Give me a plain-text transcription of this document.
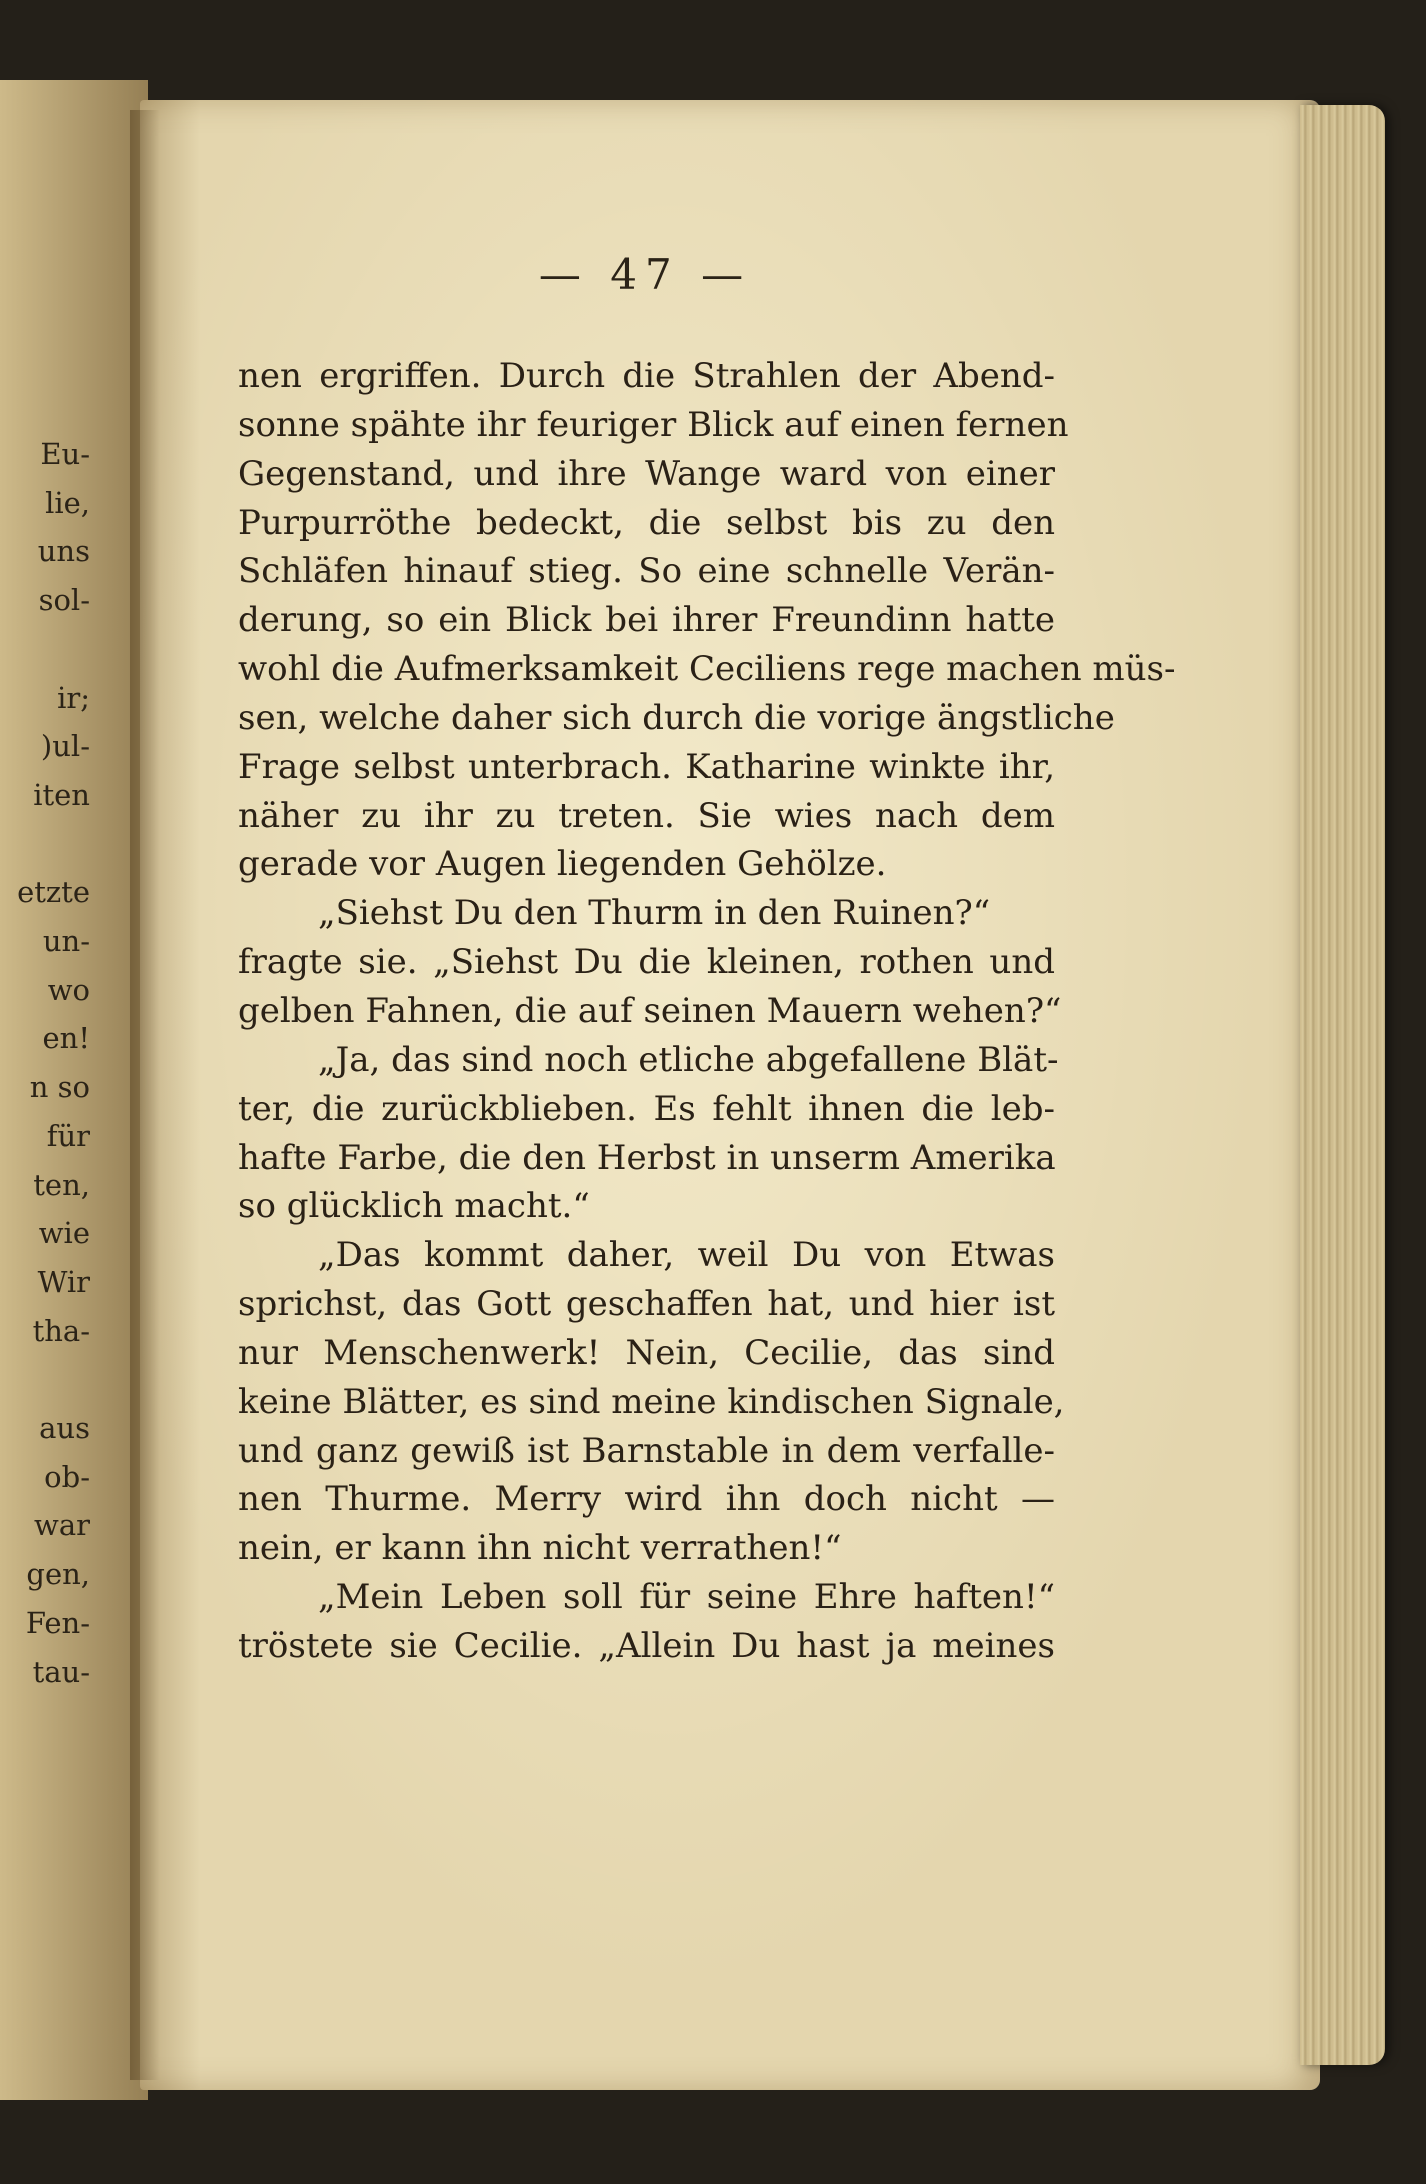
Eu-
lie,
uns
sol-

ir;
)ul-
iten

etzte
un-
wo
en!
n so
für
ten,
wie
Wir
tha-

aus
ob-
war
gen,
Fen-
tau-
— 47 —
nen ergriffen. Durch die Strahlen der Abend-
sonne spähte ihr feuriger Blick auf einen fernen
Gegenstand, und ihre Wange ward von einer
Purpurröthe bedeckt, die selbst bis zu den
Schläfen hinauf stieg. So eine schnelle Verän-
derung, so ein Blick bei ihrer Freundinn hatte
wohl die Aufmerksamkeit Ceciliens rege machen müs-
sen, welche daher sich durch die vorige ängstliche
Frage selbst unterbrach. Katharine winkte ihr,
näher zu ihr zu treten. Sie wies nach dem
gerade vor Augen liegenden Gehölze.
„Siehst Du den Thurm in den Ruinen?“
fragte sie. „Siehst Du die kleinen, rothen und
gelben Fahnen, die auf seinen Mauern wehen?“
„Ja, das sind noch etliche abgefallene Blät-
ter, die zurückblieben. Es fehlt ihnen die leb-
hafte Farbe, die den Herbst in unserm Amerika
so glücklich macht.“
„Das kommt daher, weil Du von Etwas
sprichst, das Gott geschaffen hat, und hier ist
nur Menschenwerk! Nein, Cecilie, das sind
keine Blätter, es sind meine kindischen Signale,
und ganz gewiß ist Barnstable in dem verfalle-
nen Thurme. Merry wird ihn doch nicht —
nein, er kann ihn nicht verrathen!“
„Mein Leben soll für seine Ehre haften!“
tröstete sie Cecilie. „Allein Du hast ja meines
